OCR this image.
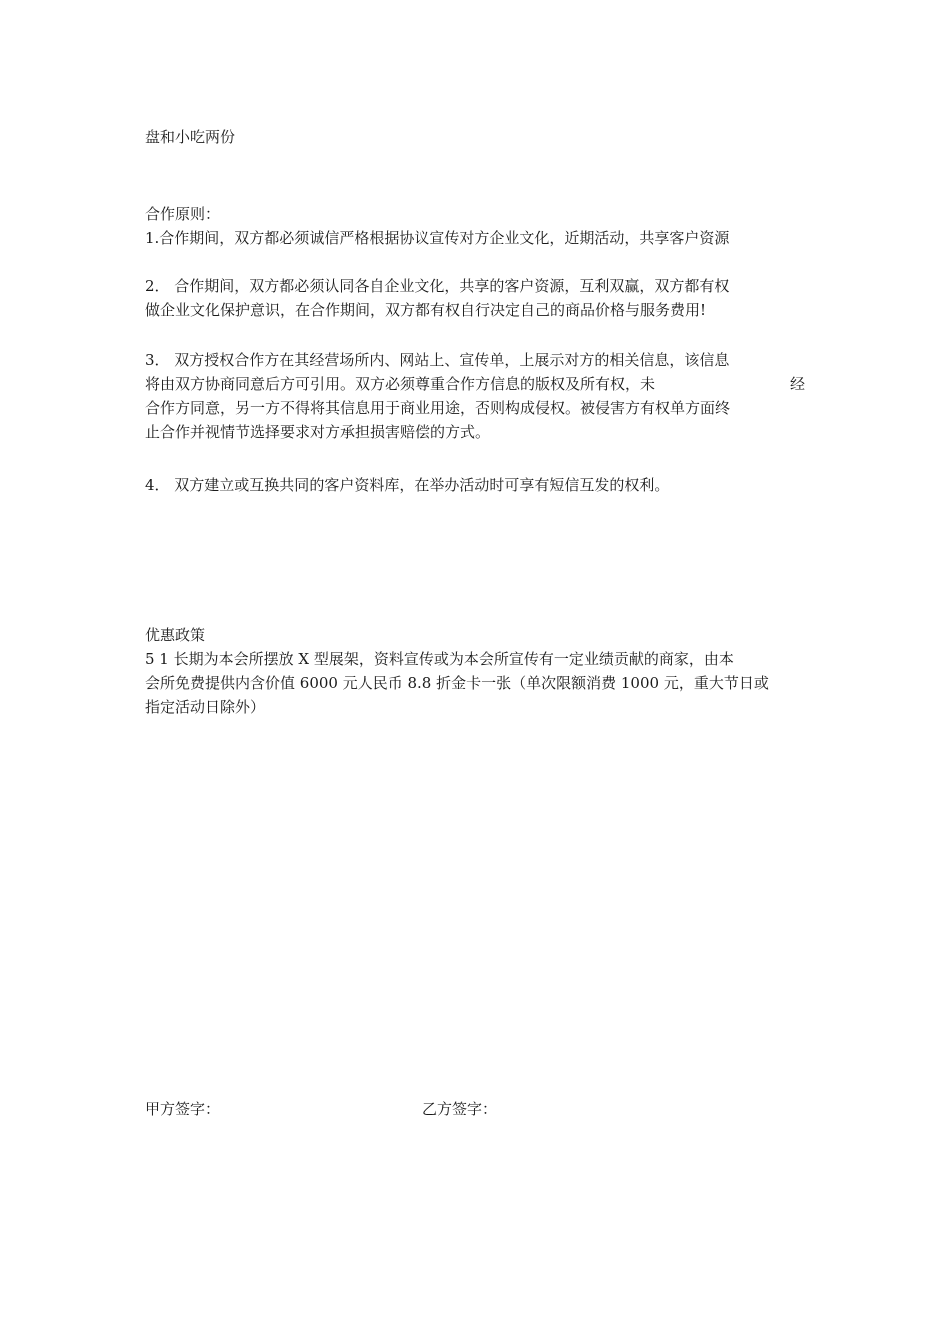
盘和小吃两份
合作原则：
1.合作期间，双方都必须诚信严格根据协议宣传对方企业文化，近期活动，共享客户资源
2． 合作期间，双方都必须认同各自企业文化，共享的客户资源，互利双赢，双方都有权
做企业文化保护意识，在合作期间，双方都有权自行决定自己的商品价格与服务费用!
3． 双方授权合作方在其经营场所内、网站上、宣传单，上展示对方的相关信息，该信息
将由双方协商同意后方可引用。双方必须尊重合作方信息的版权及所有权，未	经
合作方同意，另一方不得将其信息用于商业用途，否则构成侵权。被侵害方有权单方面终
止合作并视情节选择要求对方承担损害赔偿的方式。
4． 双方建立或互换共同的客户资料库，在举办活动时可享有短信互发的权利。
优惠政策
5 1 长期为本会所摆放 X 型展架，资料宣传或为本会所宣传有一定业绩贡献的商家，由本
会所免费提供内含价值 6000 元人民币 8.8 折金卡一张（单次限额消费 1000 元，重大节日或
指定活动日除外）
甲方签字：	乙方签字：
